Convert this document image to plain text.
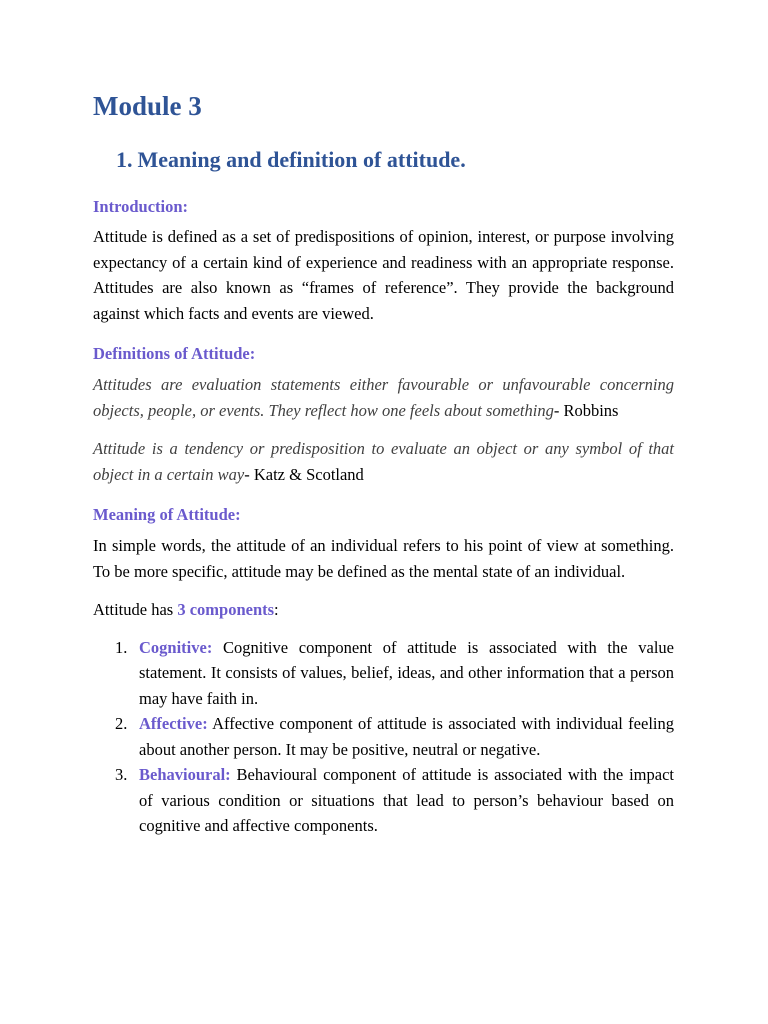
Module 3
1. Meaning and definition of attitude.
Introduction:

Attitude is defined as a set of predispositions of opinion, interest, or purpose involving expectancy of a certain kind of experience and readiness with an appropriate response. Attitudes are also known as “frames of reference”. They provide the background against which facts and events are viewed.

Definitions of Attitude:

Attitudes are evaluation statements either favourable or unfavourable concerning objects, people, or events. They reflect how one feels about something- Robbins

Attitude is a tendency or predisposition to evaluate an object or any symbol of that object in a certain way- Katz & Scotland

Meaning of Attitude:

In simple words, the attitude of an individual refers to his point of view at something. To be more specific, attitude may be defined as the mental state of an individual.

Attitude has 3 components:

1. Cognitive: Cognitive component of attitude is associated with the value statement. It consists of values, belief, ideas, and other information that a person may have faith in.
2. Affective: Affective component of attitude is associated with individual feeling about another person. It may be positive, neutral or negative.
3. Behavioural: Behavioural component of attitude is associated with the impact of various condition or situations that lead to person’s behaviour based on cognitive and affective components.
